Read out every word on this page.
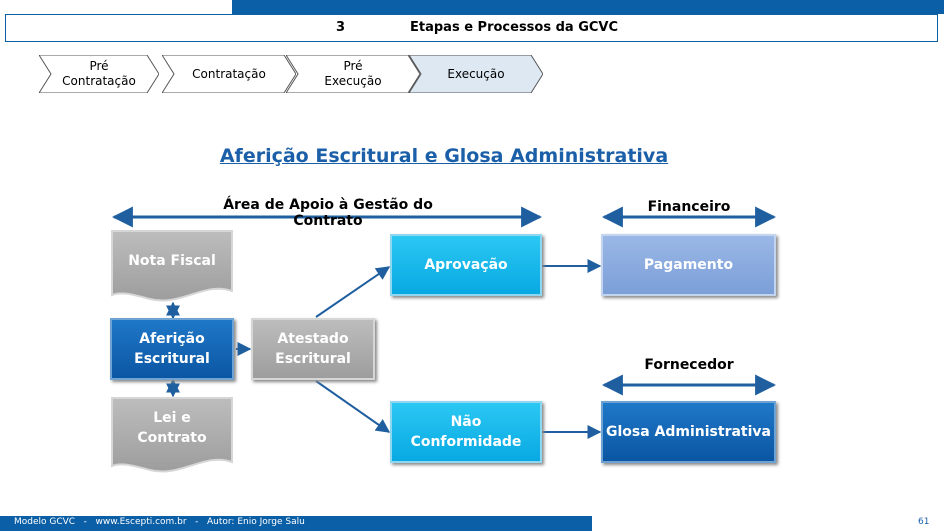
3	Etapas e Processos da GCVC
Pré
Contratação
Contratação
Pré
Execução
Execução
Aferição Escritural e Glosa Administrativa
Área de Apoio à Gestão do Contrato
Financeiro
Fornecedor
Nota Fiscal
Lei e

Contrato
Aferição
Escritural
Atestado
Escritural
Aprovação
Não
Conformidade
Pagamento
Glosa Administrativa
Modelo GCVC   -   www.Escepti.com.br   -   Autor: Enio Jorge Salu	61
